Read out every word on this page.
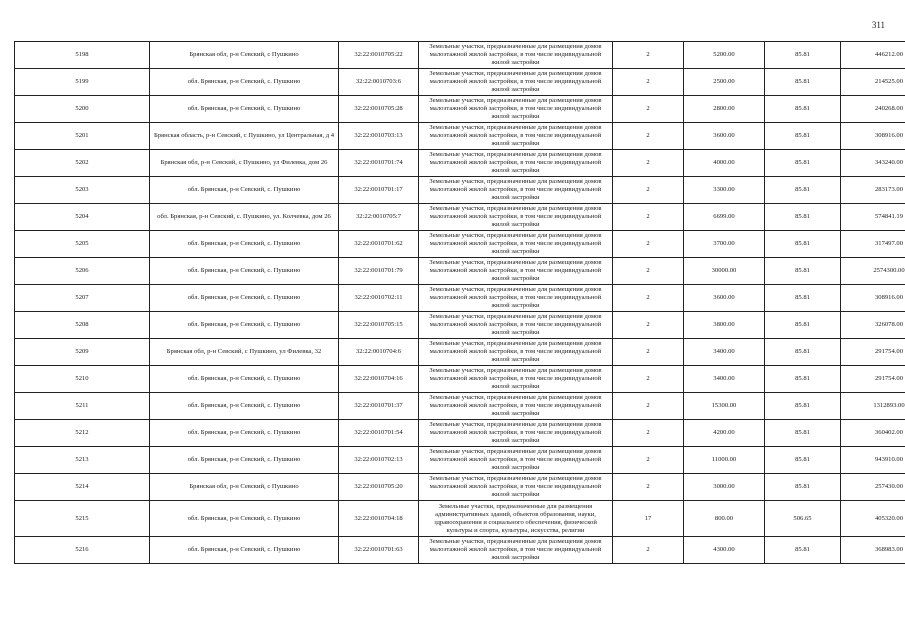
311
5198	Брянская обл, р-н Севский, с Пушкино	32:22:0010705:22	Земельные участки, предназначенные для размещения домов малоэтажной жилой застройки, в том числе индивидуальной жилой застройки	2	5200.00	85.81	446212.00
5199	обл. Брянская, р-н Севский, с. Пушкино	32:22:0010703:6	Земельные участки, предназначенные для размещения домов малоэтажной жилой застройки, в том числе индивидуальной жилой застройки	2	2500.00	85.81	214525.00
5200	обл. Брянская, р-н Севский, с. Пушкино	32:22:0010705:28	Земельные участки, предназначенные для размещения домов малоэтажной жилой застройки, в том числе индивидуальной жилой застройки	2	2800.00	85.81	240268.00
5201	Брянская область, р-н Севский, с Пушкино, ул Центральная, д 4	32:22:0010703:13	Земельные участки, предназначенные для размещения домов малоэтажной жилой застройки, в том числе индивидуальной жилой застройки	2	3600.00	85.81	308916.00
5202	Брянская обл, р-н Севский, с Пушкино, ул Филевка, дом 26	32:22:0010701:74	Земельные участки, предназначенные для размещения домов малоэтажной жилой застройки, в том числе индивидуальной жилой застройки	2	4000.00	85.81	343240.00
5203	обл. Брянская, р-н Севский, с. Пушкино	32:22:0010701:17	Земельные участки, предназначенные для размещения домов малоэтажной жилой застройки, в том числе индивидуальной жилой застройки	2	3300.00	85.81	283173.00
5204	обл. Брянская, р-н Севский, с. Пушкино, ул. Колчевка, дом 26	32:22:0010705:7	Земельные участки, предназначенные для размещения домов малоэтажной жилой застройки, в том числе индивидуальной жилой застройки	2	6699.00	85.81	574841.19
5205	обл. Брянская, р-н Севский, с. Пушкино	32:22:0010701:62	Земельные участки, предназначенные для размещения домов малоэтажной жилой застройки, в том числе индивидуальной жилой застройки	2	3700.00	85.81	317497.00
5206	обл. Брянская, р-н Севский, с. Пушкино	32:22:0010701:79	Земельные участки, предназначенные для размещения домов малоэтажной жилой застройки, в том числе индивидуальной жилой застройки	2	30000.00	85.81	2574300.00
5207	обл. Брянская, р-н Севский, с. Пушкино	32:22:0010702:11	Земельные участки, предназначенные для размещения домов малоэтажной жилой застройки, в том числе индивидуальной жилой застройки	2	3600.00	85.81	308916.00
5208	обл. Брянская, р-н Севский, с. Пушкино	32:22:0010705:15	Земельные участки, предназначенные для размещения домов малоэтажной жилой застройки, в том числе индивидуальной жилой застройки	2	3800.00	85.81	326078.00
5209	Брянская обл, р-н Севский, с Пушкино, ул Филевка, 32	32:22:0010704:6	Земельные участки, предназначенные для размещения домов малоэтажной жилой застройки, в том числе индивидуальной жилой застройки	2	3400.00	85.81	291754.00
5210	обл. Брянская, р-н Севский, с. Пушкино	32:22:0010704:16	Земельные участки, предназначенные для размещения домов малоэтажной жилой застройки, в том числе индивидуальной жилой застройки	2	3400.00	85.81	291754.00
5211	обл. Брянская, р-н Севский, с. Пушкино	32:22:0010701:37	Земельные участки, предназначенные для размещения домов малоэтажной жилой застройки, в том числе индивидуальной жилой застройки	2	15300.00	85.81	1312893.00
5212	обл. Брянская, р-н Севский, с. Пушкино	32:22:0010701:54	Земельные участки, предназначенные для размещения домов малоэтажной жилой застройки, в том числе индивидуальной жилой застройки	2	4200.00	85.81	360402.00
5213	обл. Брянская, р-н Севский, с. Пушкино	32:22:0010702:13	Земельные участки, предназначенные для размещения домов малоэтажной жилой застройки, в том числе индивидуальной жилой застройки	2	11000.00	85.81	943910.00
5214	Брянская обл, р-н Севский, с Пушкино	32:22:0010705:20	Земельные участки, предназначенные для размещения домов малоэтажной жилой застройки, в том числе индивидуальной жилой застройки	2	3000.00	85.81	257430.00
5215	обл. Брянская, р-н Севский, с. Пушкино	32:22:0010704:18	Земельные участки, предназначенные для размещения административных зданий, объектов образования, науки, здравоохранения и социального обеспечения, физической культуры и спорта, культуры, искусства, религии	17	800.00	506.65	405320.00
5216	обл. Брянская, р-н Севский, с. Пушкино	32:22:0010701:63	Земельные участки, предназначенные для размещения домов малоэтажной жилой застройки, в том числе индивидуальной жилой застройки	2	4300.00	85.81	368983.00
